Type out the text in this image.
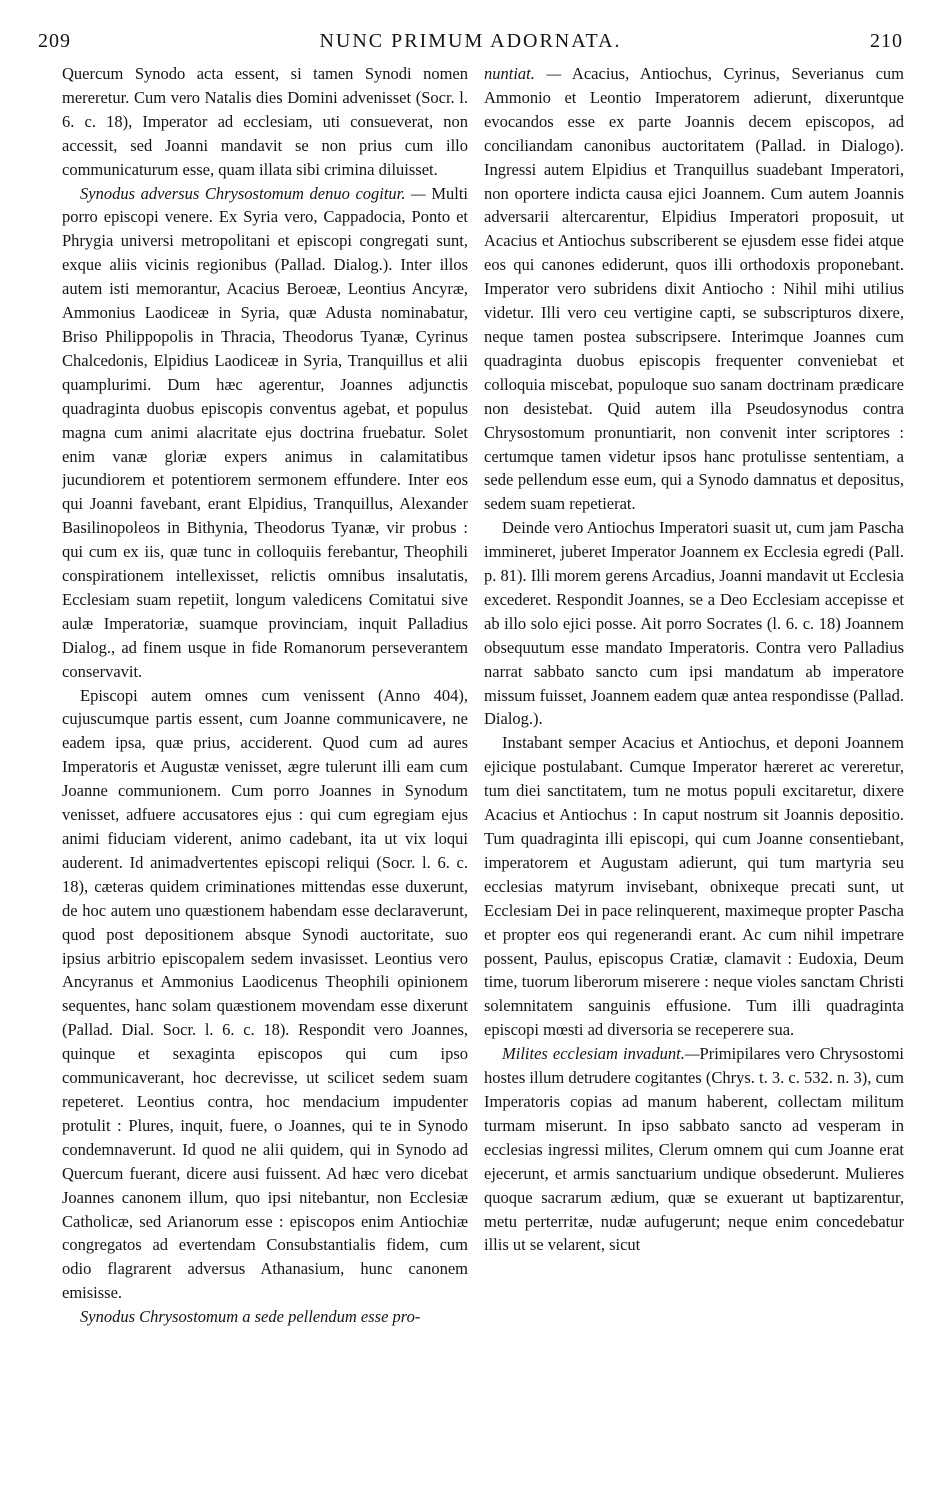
209	NUNC PRIMUM ADORNATA.	210

Quercum Synodo acta essent, si tamen Synodi nomen mereretur. Cum vero Natalis dies Domini advenisset (Socr. l. 6. c. 18), Imperator ad ecclesiam, uti consueverat, non accessit, sed Joanni mandavit se non prius cum illo communicaturum esse, quam illata sibi crimina diluisset.

Synodus adversus Chrysostomum denuo cogitur. — Multi porro episcopi venere. Ex Syria vero, Cappadocia, Ponto et Phrygia universi metropolitani et episcopi congregati sunt, exque aliis vicinis regionibus (Pallad. Dialog.). Inter illos autem isti memorantur, Acacius Beroeæ, Leontius Ancyræ, Ammonius Laodiceæ in Syria, quæ Adusta nominabatur, Briso Philippopolis in Thracia, Theodorus Tyanæ, Cyrinus Chalcedonis, Elpidius Laodiceæ in Syria, Tranquillus et alii quamplurimi. Dum hæc agerentur, Joannes adjunctis quadraginta duobus episcopis conventus agebat, et populus magna cum animi alacritate ejus doctrina fruebatur. Solet enim vanæ gloriæ expers animus in calamitatibus jucundiorem et potentiorem sermonem effundere. Inter eos qui Joanni favebant, erant Elpidius, Tranquillus, Alexander Basilinopoleos in Bithynia, Theodorus Tyanæ, vir probus : qui cum ex iis, quæ tunc in colloquiis ferebantur, Theophili conspirationem intellexisset, relictis omnibus insalutatis, Ecclesiam suam repetiit, longum valedicens Comitatui sive aulæ Imperatoriæ, suamque provinciam, inquit Palladius Dialog., ad finem usque in fide Romanorum perseverantem conservavit.

Episcopi autem omnes cum venissent (Anno 404), cujuscumque partis essent, cum Joanne communicavere, ne eadem ipsa, quæ prius, acciderent. Quod cum ad aures Imperatoris et Augustæ venisset, ægre tulerunt illi eam cum Joanne communionem. Cum porro Joannes in Synodum venisset, adfuere accusatores ejus : qui cum egregiam ejus animi fiduciam viderent, animo cadebant, ita ut vix loqui auderent. Id animadvertentes episcopi reliqui (Socr. l. 6. c. 18), cæteras quidem criminationes mittendas esse duxerunt, de hoc autem uno quæstionem habendam esse declaraverunt, quod post depositionem absque Synodi auctoritate, suo ipsius arbitrio episcopalem sedem invasisset. Leontius vero Ancyranus et Ammonius Laodicenus Theophili opinionem sequentes, hanc solam quæstionem movendam esse dixerunt (Pallad. Dial. Socr. l. 6. c. 18). Respondit vero Joannes, quinque et sexaginta episcopos qui cum ipso communicaverant, hoc decrevisse, ut scilicet sedem suam repeteret. Leontius contra, hoc mendacium impudenter protulit : Plures, inquit, fuere, o Joannes, qui te in Synodo condemnaverunt. Id quod ne alii quidem, qui in Synodo ad Quercum fuerant, dicere ausi fuissent. Ad hæc vero dicebat Joannes canonem illum, quo ipsi nitebantur, non Ecclesiæ Catholicæ, sed Arianorum esse : episcopos enim Antiochiæ congregatos ad evertendam Consubstantialis fidem, cum odio flagrarent adversus Athanasium, hunc canonem emisisse.

Synodus Chrysostomum a sede pellendum esse pro-

nuntiat. — Acacius, Antiochus, Cyrinus, Severianus cum Ammonio et Leontio Imperatorem adierunt, dixeruntque evocandos esse ex parte Joannis decem episcopos, ad conciliandam canonibus auctoritatem (Pallad. in Dialogo). Ingressi autem Elpidius et Tranquillus suadebant Imperatori, non oportere indicta causa ejici Joannem. Cum autem Joannis adversarii altercarentur, Elpidius Imperatori proposuit, ut Acacius et Antiochus subscriberent se ejusdem esse fidei atque eos qui canones ediderunt, quos illi orthodoxis proponebant. Imperator vero subridens dixit Antiocho : Nihil mihi utilius videtur. Illi vero ceu vertigine capti, se subscripturos dixere, neque tamen postea subscripsere. Interimque Joannes cum quadraginta duobus episcopis frequenter conveniebat et colloquia miscebat, populoque suo sanam doctrinam prædicare non desistebat. Quid autem illa Pseudosynodus contra Chrysostomum pronuntiarit, non convenit inter scriptores : certumque tamen videtur ipsos hanc protulisse sententiam, a sede pellendum esse eum, qui a Synodo damnatus et depositus, sedem suam repetierat.

Deinde vero Antiochus Imperatori suasit ut, cum jam Pascha immineret, juberet Imperator Joannem ex Ecclesia egredi (Pall. p. 81). Illi morem gerens Arcadius, Joanni mandavit ut Ecclesia excederet. Respondit Joannes, se a Deo Ecclesiam accepisse et ab illo solo ejici posse. Ait porro Socrates (l. 6. c. 18) Joannem obsequutum esse mandato Imperatoris. Contra vero Palladius narrat sabbato sancto cum ipsi mandatum ab imperatore missum fuisset, Joannem eadem quæ antea respondisse (Pallad. Dialog.).

Instabant semper Acacius et Antiochus, et deponi Joannem ejicique postulabant. Cumque Imperator hæreret ac vereretur, tum diei sanctitatem, tum ne motus populi excitaretur, dixere Acacius et Antiochus : In caput nostrum sit Joannis depositio. Tum quadraginta illi episcopi, qui cum Joanne consentiebant, imperatorem et Augustam adierunt, qui tum martyria seu ecclesias matyrum invisebant, obnixeque precati sunt, ut Ecclesiam Dei in pace relinquerent, maximeque propter Pascha et propter eos qui regenerandi erant. Ac cum nihil impetrare possent, Paulus, episcopus Cratiæ, clamavit : Eudoxia, Deum time, tuorum liberorum miserere : neque violes sanctam Christi solemnitatem sanguinis effusione. Tum illi quadraginta episcopi mœsti ad diversoria se receperere sua.

Milites ecclesiam invadunt.—Primipilares vero Chrysostomi hostes illum detrudere cogitantes (Chrys. t. 3. c. 532. n. 3), cum Imperatoris copias ad manum haberent, collectam militum turmam miserunt. In ipso sabbato sancto ad vesperam in ecclesias ingressi milites, Clerum omnem qui cum Joanne erat ejecerunt, et armis sanctuarium undique obsederunt. Mulieres quoque sacrarum ædium, quæ se exuerant ut baptizarentur, metu perterritæ, nudæ aufugerunt; neque enim concedebatur illis ut se velarent, sicut
